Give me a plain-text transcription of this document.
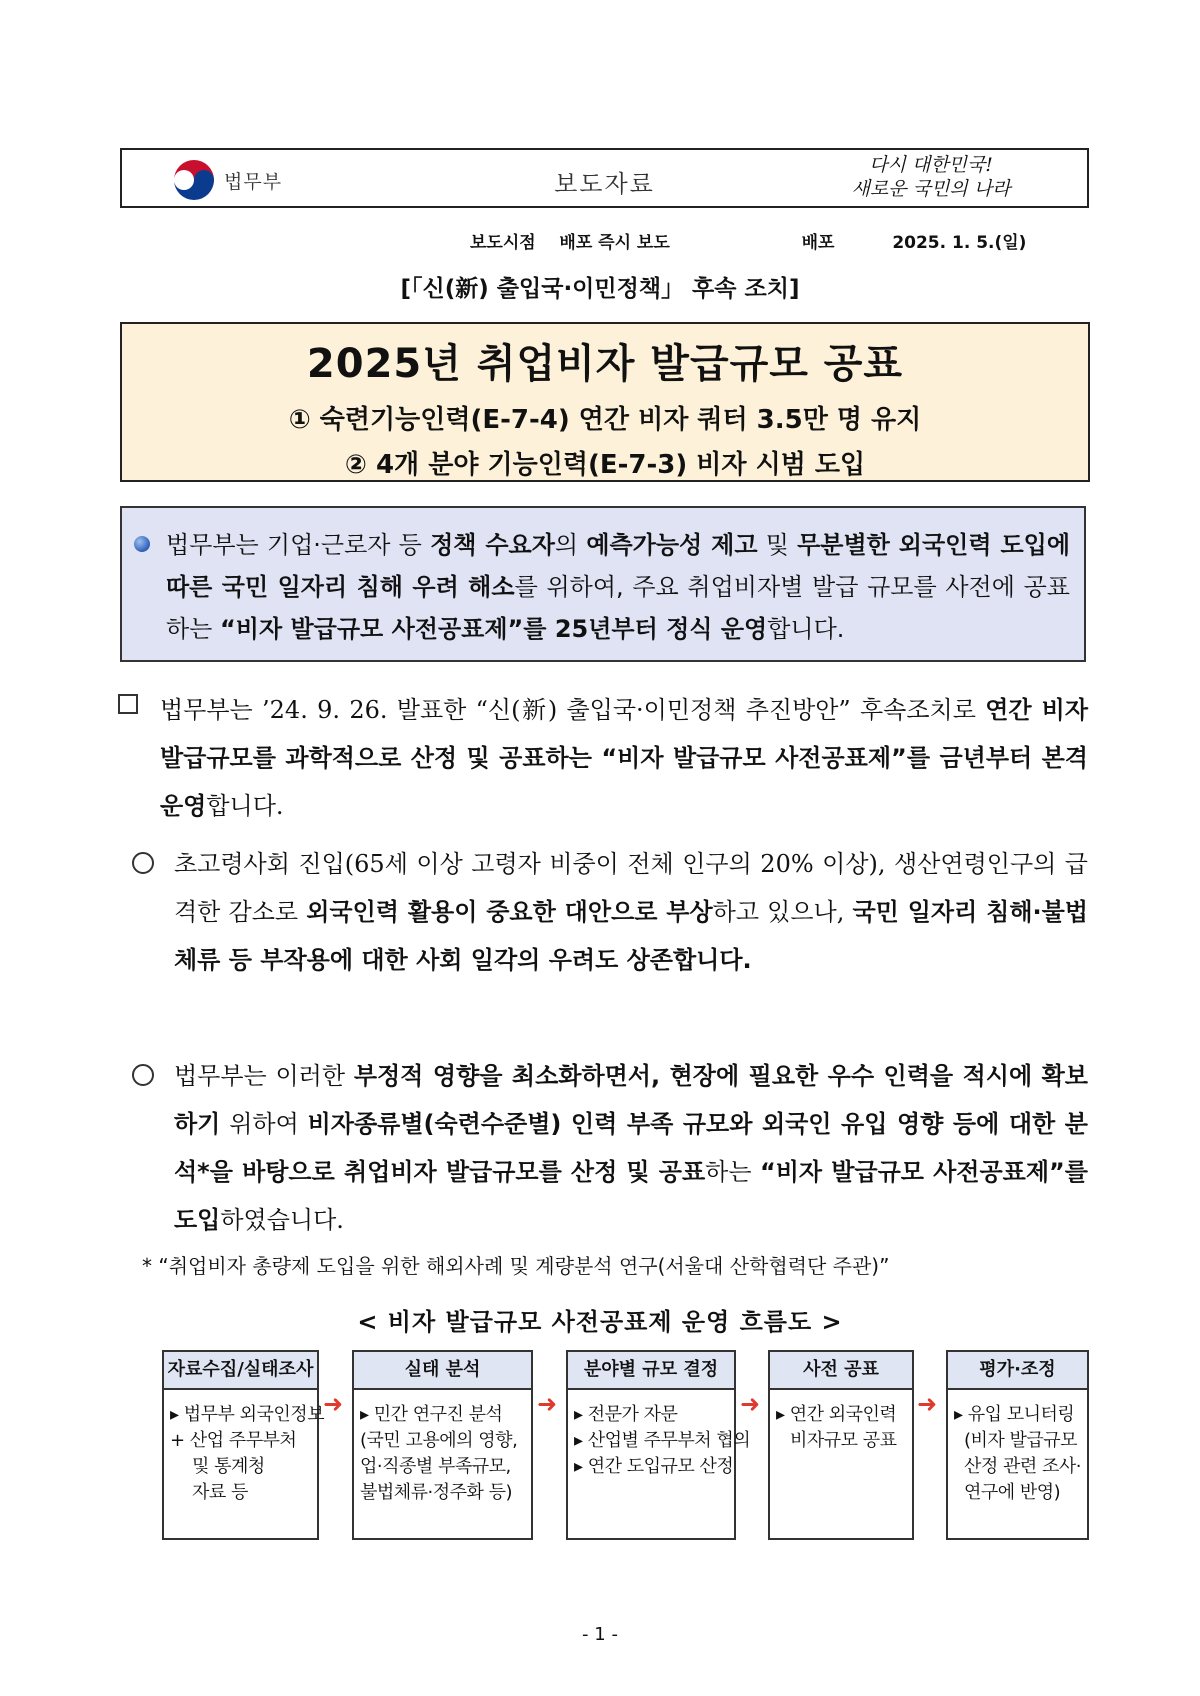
법무부	보도자료
다시 대한민국!
새로운 국민의 나라
보도시점 배포 즉시 보도	배포	2025. 1. 5.(일)
[「신(新) 출입국·이민정책」 후속 조치]
2025년 취업비자 발급규모 공표
① 숙련기능인력(E-7-4) 연간 비자 쿼터 3.5만 명 유지
② 4개 분야 기능인력(E-7-3) 비자 시범 도입
법무부는 기업·근로자 등 정책 수요자의 예측가능성 제고 및 무분별한 외국인력 도입에 따른 국민 일자리 침해 우려 해소를 위하여, 주요 취업비자별 발급 규모를 사전에 공표하는 “비자 발급규모 사전공표제”를 25년부터 정식 운영합니다.
법무부는 ’24. 9. 26. 발표한 “신(新) 출입국·이민정책 추진방안” 후속조치로 연간 비자 발급규모를 과학적으로 산정 및 공표하는 “비자 발급규모 사전공표제”를 금년부터 본격 운영합니다.
초고령사회 진입(65세 이상 고령자 비중이 전체 인구의 20% 이상), 생산연령인구의 급격한 감소로 외국인력 활용이 중요한 대안으로 부상하고 있으나, 국민 일자리 침해·불법체류 등 부작용에 대한 사회 일각의 우려도 상존합니다.
법무부는 이러한 부정적 영향을 최소화하면서, 현장에 필요한 우수 인력을 적시에 확보하기 위하여 비자종류별(숙련수준별) 인력 부족 규모와 외국인 유입 영향 등에 대한 분석*을 바탕으로 취업비자 발급규모를 산정 및 공표하는 “비자 발급규모 사전공표제”를 도입하였습니다.
* “취업비자 총량제 도입을 위한 해외사례 및 계량분석 연구(서울대 산학협력단 주관)”
< 비자 발급규모 사전공표제 운영 흐름도 >
자료수집/실태조사
▸ 법무부 외국인정보
+ 산업 주무부처
및 통계청
자료 등
➜
실태 분석
▸ 민간 연구진 분석
(국민 고용에의 영향,
업·직종별 부족규모,
불법체류·정주화 등)
➜
분야별 규모 결정
▸ 전문가 자문
▸ 산업별 주무부처 협의
▸ 연간 도입규모 산정
➜
사전 공표
▸ 연간 외국인력
비자규모 공표
➜
평가·조정
▸ 유입 모니터링
(비자 발급규모
산정 관련 조사·
연구에 반영)
- 1 -
